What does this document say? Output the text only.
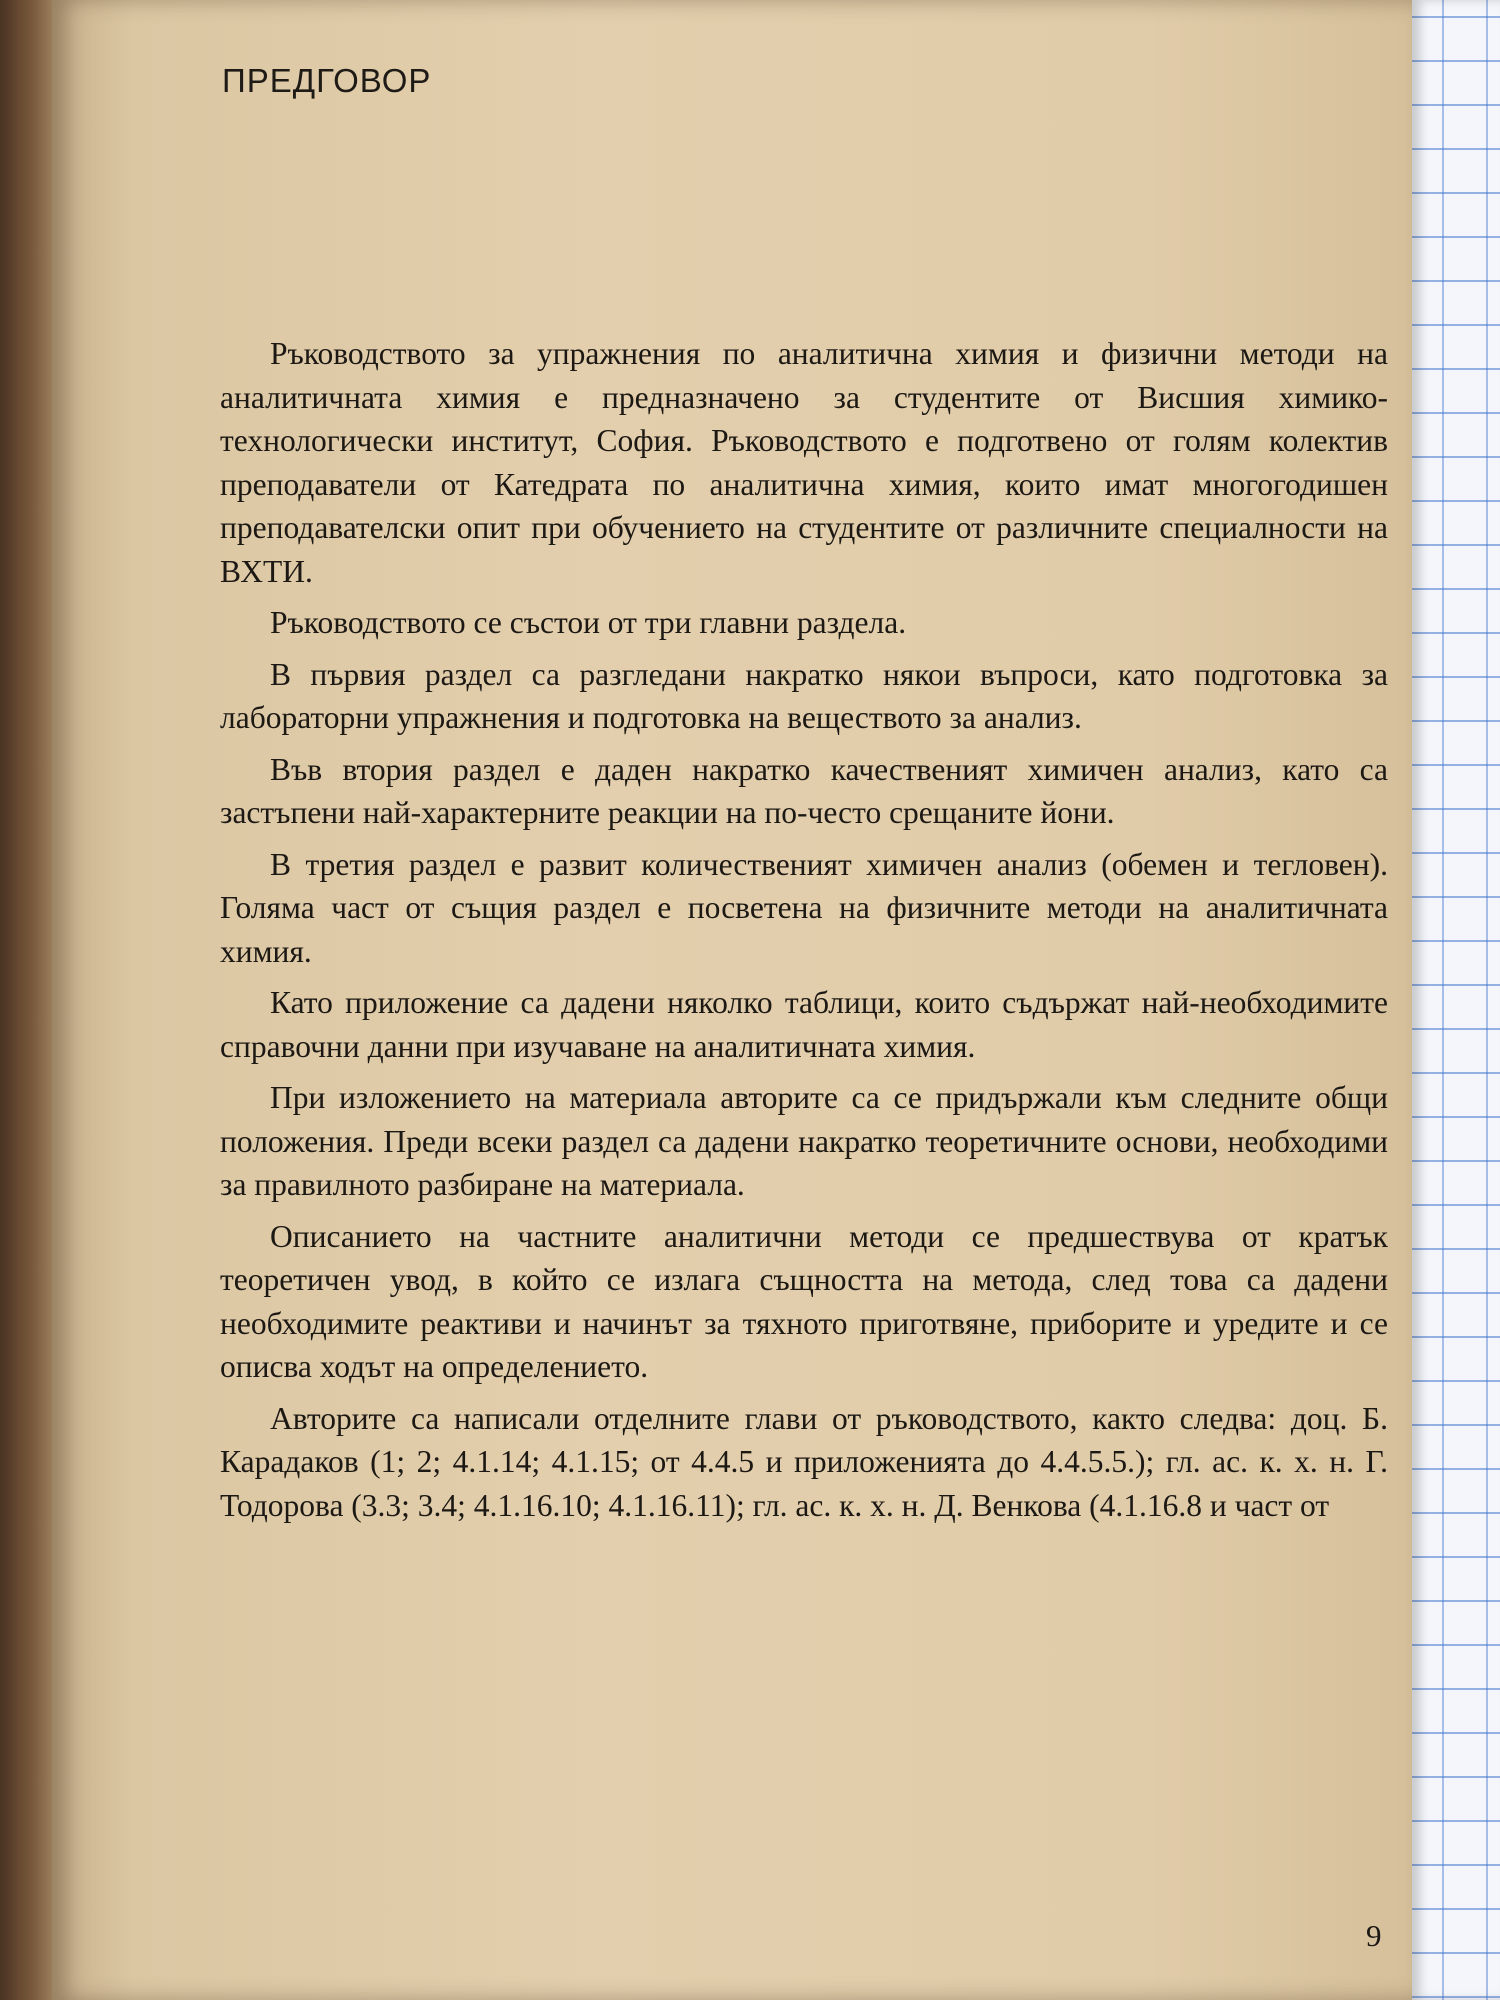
ПРЕДГОВОР

Ръководството за упражнения по аналитична химия и физични методи на аналитичната химия е предназначено за студентите от Висшия химико-технологически институт, София. Ръководството е подготвено от голям колектив преподаватели от Катедрата по аналитична химия, които имат многогодишен преподавателски опит при обучението на студентите от различните специалности на ВХТИ.

Ръководството се състои от три главни раздела.

В първия раздел са разгледани накратко някои въпроси, като подготовка за лабораторни упражнения и подготовка на веществото за анализ.

Във втория раздел е даден накратко качественият химичен анализ, като са застъпени най-характерните реакции на по-често срещаните йони.

В третия раздел е развит количественият химичен анализ (обемен и тегловен). Голяма част от същия раздел е посветена на физичните методи на аналитичната химия.

Като приложение са дадени няколко таблици, които съдържат най-необходимите справочни данни при изучаване на аналитичната химия.

При изложението на материала авторите са се придържали към следните общи положения. Преди всеки раздел са дадени накратко теоретичните основи, необходими за правилното разбиране на материала.

Описанието на частните аналитични методи се предшествува от кратък теоретичен увод, в който се излага същността на метода, след това са дадени необходимите реактиви и начинът за тяхното приготвяне, приборите и уредите и се описва ходът на определението.

Авторите са написали отделните глави от ръководството, както следва: доц. Б. Карадаков (1; 2; 4.1.14; 4.1.15; от 4.4.5 и приложенията до 4.4.5.5.); гл. ас. к. х. н. Г. Тодорова (3.3; 3.4; 4.1.16.10; 4.1.16.11); гл. ас. к. х. н. Д. Венкова (4.1.16.8 и част от

9
